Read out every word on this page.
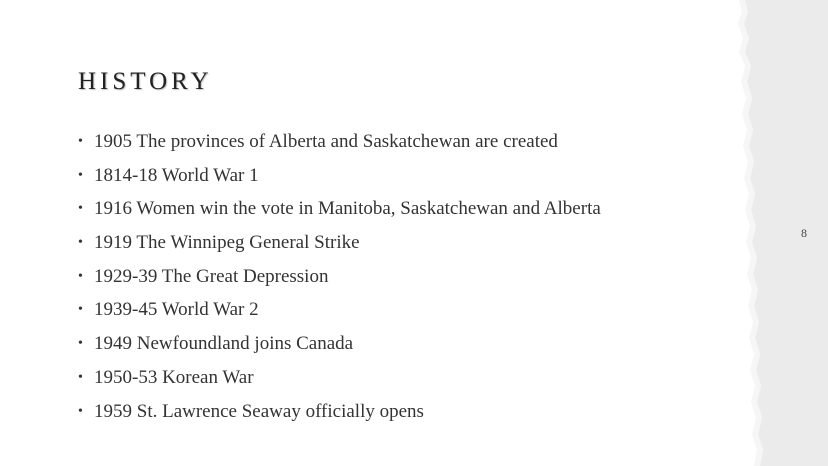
HISTORY
• 1905 The provinces of Alberta and Saskatchewan are created
• 1814-18 World War 1
• 1916 Women win the vote in Manitoba, Saskatchewan and Alberta
• 1919 The Winnipeg General Strike
• 1929-39 The Great Depression
• 1939-45 World War 2
• 1949 Newfoundland joins Canada
• 1950-53 Korean War
• 1959 St. Lawrence Seaway officially opens
8
